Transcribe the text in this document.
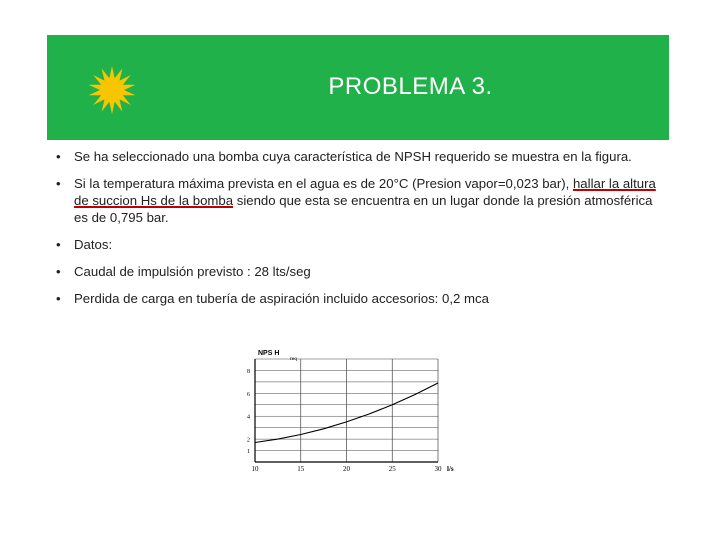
PROBLEMA 3.
• Se ha seleccionado una bomba cuya característica de NPSH requerido se muestra en la figura.
• Si la temperatura máxima prevista en el agua es de 20°C (Presion vapor=0,023 bar), hallar la altura de succion Hs de la bomba siendo que esta se encuentra en un lugar donde la presión atmosférica es de 0,795 bar.
• Datos:
• Caudal de impulsión previsto : 28 lts/seg
• Perdida de carga en tubería de aspiración incluido accesorios: 0,2 mca
1
2
4
6
8
10	15	20	25	30
NPS H
req
l/s
